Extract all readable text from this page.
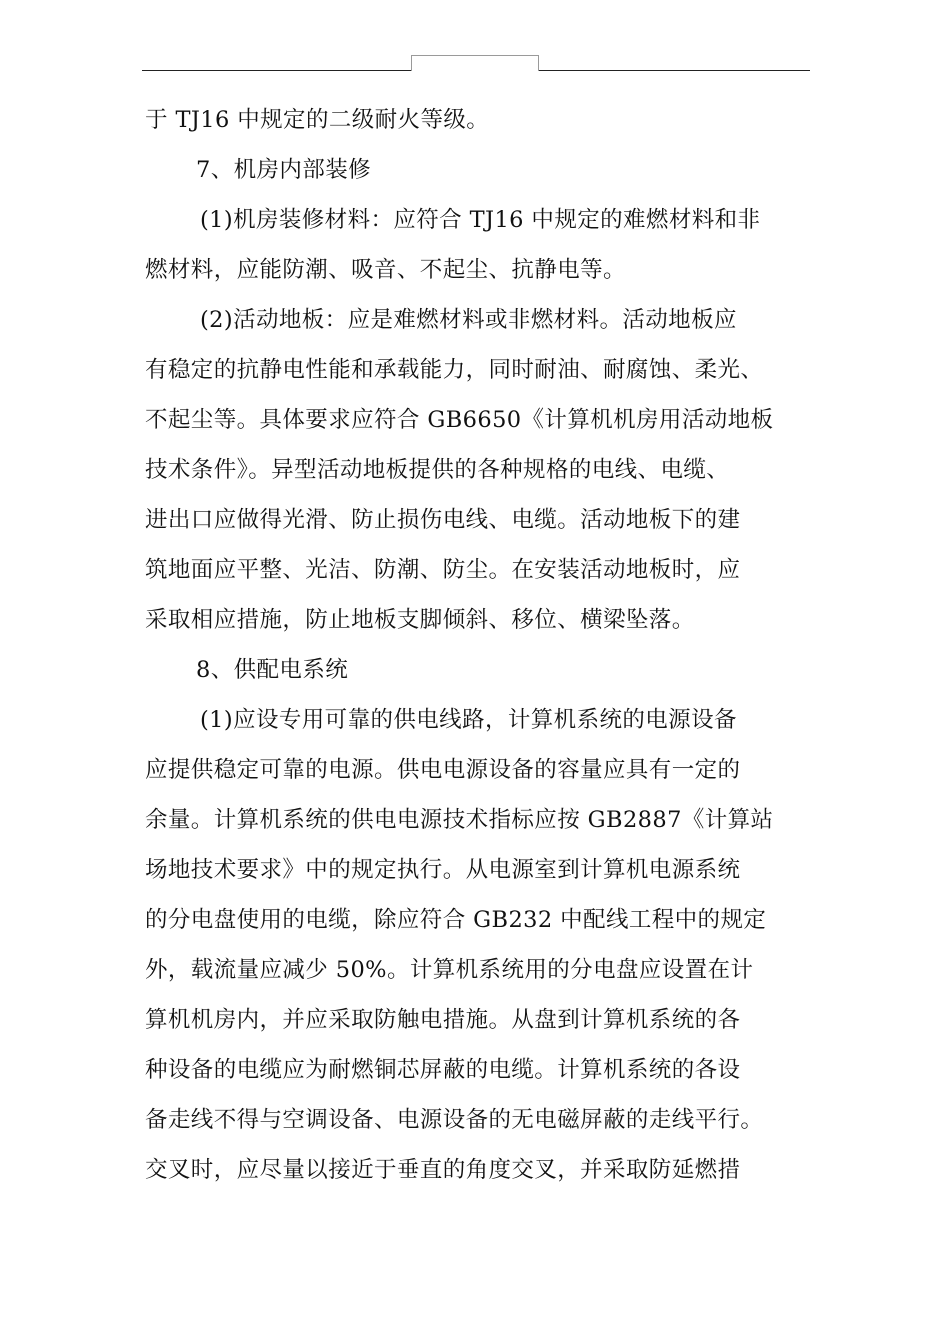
于 TJ16 中规定的二级耐火等级。
7、机房内部装修
(1)机房装修材料：应符合 TJ16 中规定的难燃材料和非
燃材料，应能防潮、吸音、不起尘、抗静电等。
(2)活动地板：应是难燃材料或非燃材料。活动地板应
有稳定的抗静电性能和承载能力，同时耐油、耐腐蚀、柔光、
不起尘等。具体要求应符合 GB6650《计算机机房用活动地板
技术条件》。异型活动地板提供的各种规格的电线、电缆、
进出口应做得光滑、防止损伤电线、电缆。活动地板下的建
筑地面应平整、光洁、防潮、防尘。在安装活动地板时，应
采取相应措施，防止地板支脚倾斜、移位、横梁坠落。
8、供配电系统
(1)应设专用可靠的供电线路，计算机系统的电源设备
应提供稳定可靠的电源。供电电源设备的容量应具有一定的
余量。计算机系统的供电电源技术指标应按 GB2887《计算站
场地技术要求》中的规定执行。从电源室到计算机电源系统
的分电盘使用的电缆，除应符合 GB232 中配线工程中的规定
外，载流量应减少 50%。计算机系统用的分电盘应设置在计
算机机房内，并应采取防触电措施。从盘到计算机系统的各
种设备的电缆应为耐燃铜芯屏蔽的电缆。计算机系统的各设
备走线不得与空调设备、电源设备的无电磁屏蔽的走线平行。
交叉时，应尽量以接近于垂直的角度交叉，并采取防延燃措
